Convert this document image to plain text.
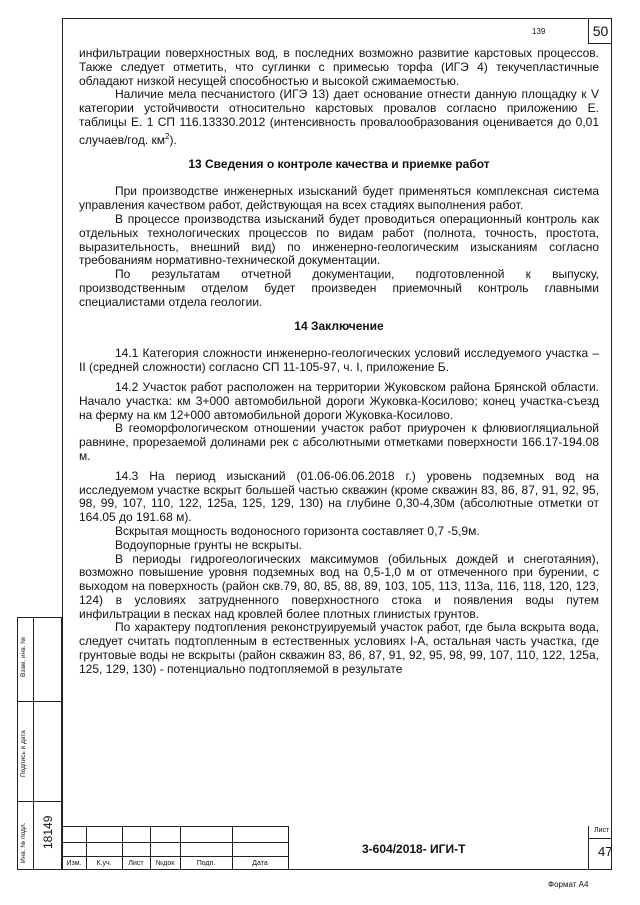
139	50

инфильтрации поверхностных вод, в последних возможно развитие карстовых процессов. Также следует отметить, что суглинки с примесью торфа (ИГЭ 4) текучепластичные обладают низкой несущей способностью и высокой сжимаемостью.

Наличие мела песчанистого (ИГЭ 13) дает основание отнести данную площадку к V категории устойчивости относительно карстовых провалов согласно приложению Е. таблицы Е. 1 СП 116.13330.2012 (интенсивность провалообразования оценивается до 0,01 случаев/год. $км^2$).

13 Сведения о контроле качества и приемке работ

При производстве инженерных изысканий будет применяться комплексная система управления качеством работ, действующая на всех стадиях выполнения работ.

В процессе производства изысканий будет проводиться операционный контроль как отдельных технологических процессов по видам работ (полнота, точность, простота, выразительность, внешний вид) по инженерно-геологическим изысканиям согласно требованиям нормативно-технической документации.

По результатам отчетной документации, подготовленной к выпуску, производственным отделом будет произведен приемочный контроль главными специалистами отдела геологии.

14 Заключение

14.1 Категория сложности инженерно-геологических условий исследуемого участка – II (средней сложности) согласно СП 11-105-97, ч. I, приложение Б.

14.2 Участок работ расположен на территории Жуковском района Брянской области. Начало участка: км 3+000 автомобильной дороги Жуковка-Косилово; конец участка-съезд на ферму на км 12+000 автомобильной дороги Жуковка-Косилово.

В геоморфологическом отношении участок работ приурочен к флювиогляциальной равнине, прорезаемой долинами рек с абсолютными отметками поверхности 166.17-194.08 м.

14.3 На период изысканий (01.06-06.06.2018 г.) уровень подземных вод на исследуемом участке вскрыт большей частью скважин (кроме скважин 83, 86, 87, 91, 92, 95, 98, 99, 107, 110, 122, 125а, 125, 129, 130) на глубине 0,30-4,30м (абсолютные отметки от 164.05 до 191.68 м).

Вскрытая мощность водоносного горизонта составляет 0,7 -5,9м.

Водоупорные грунты не вскрыты.

В периоды гидрогеологических максимумов (обильных дождей и снеготаяния), возможно повышение уровня подземных вод на 0,5-1,0 м от отмеченного при бурении, с выходом на поверхность (район скв.79, 80, 85, 88, 89, 103, 105, 113, 113а, 116, 118, 120, 123, 124) в условиях затрудненного поверхностного стока и появления воды путем инфильтрации в песках над кровлей более плотных глинистых грунтов.

По характеру подтопления реконструируемый участок работ, где была вскрыта вода, следует считать подтопленным в естественных условиях I-А, остальная часть участка, где грунтовые воды не вскрыты (район скважин 83, 86, 87, 91, 92, 95, 98, 99, 107, 110, 122, 125а, 125, 129, 130) - потенциально подтопляемой в результате

Взам. инв. №
Подпись и дата
Инв. № подл. 18149
Изм.	К.уч.	Лист	№док	Подп.	Дата
3-604/2018- ИГИ-Т
Лист
47
Формат А4
